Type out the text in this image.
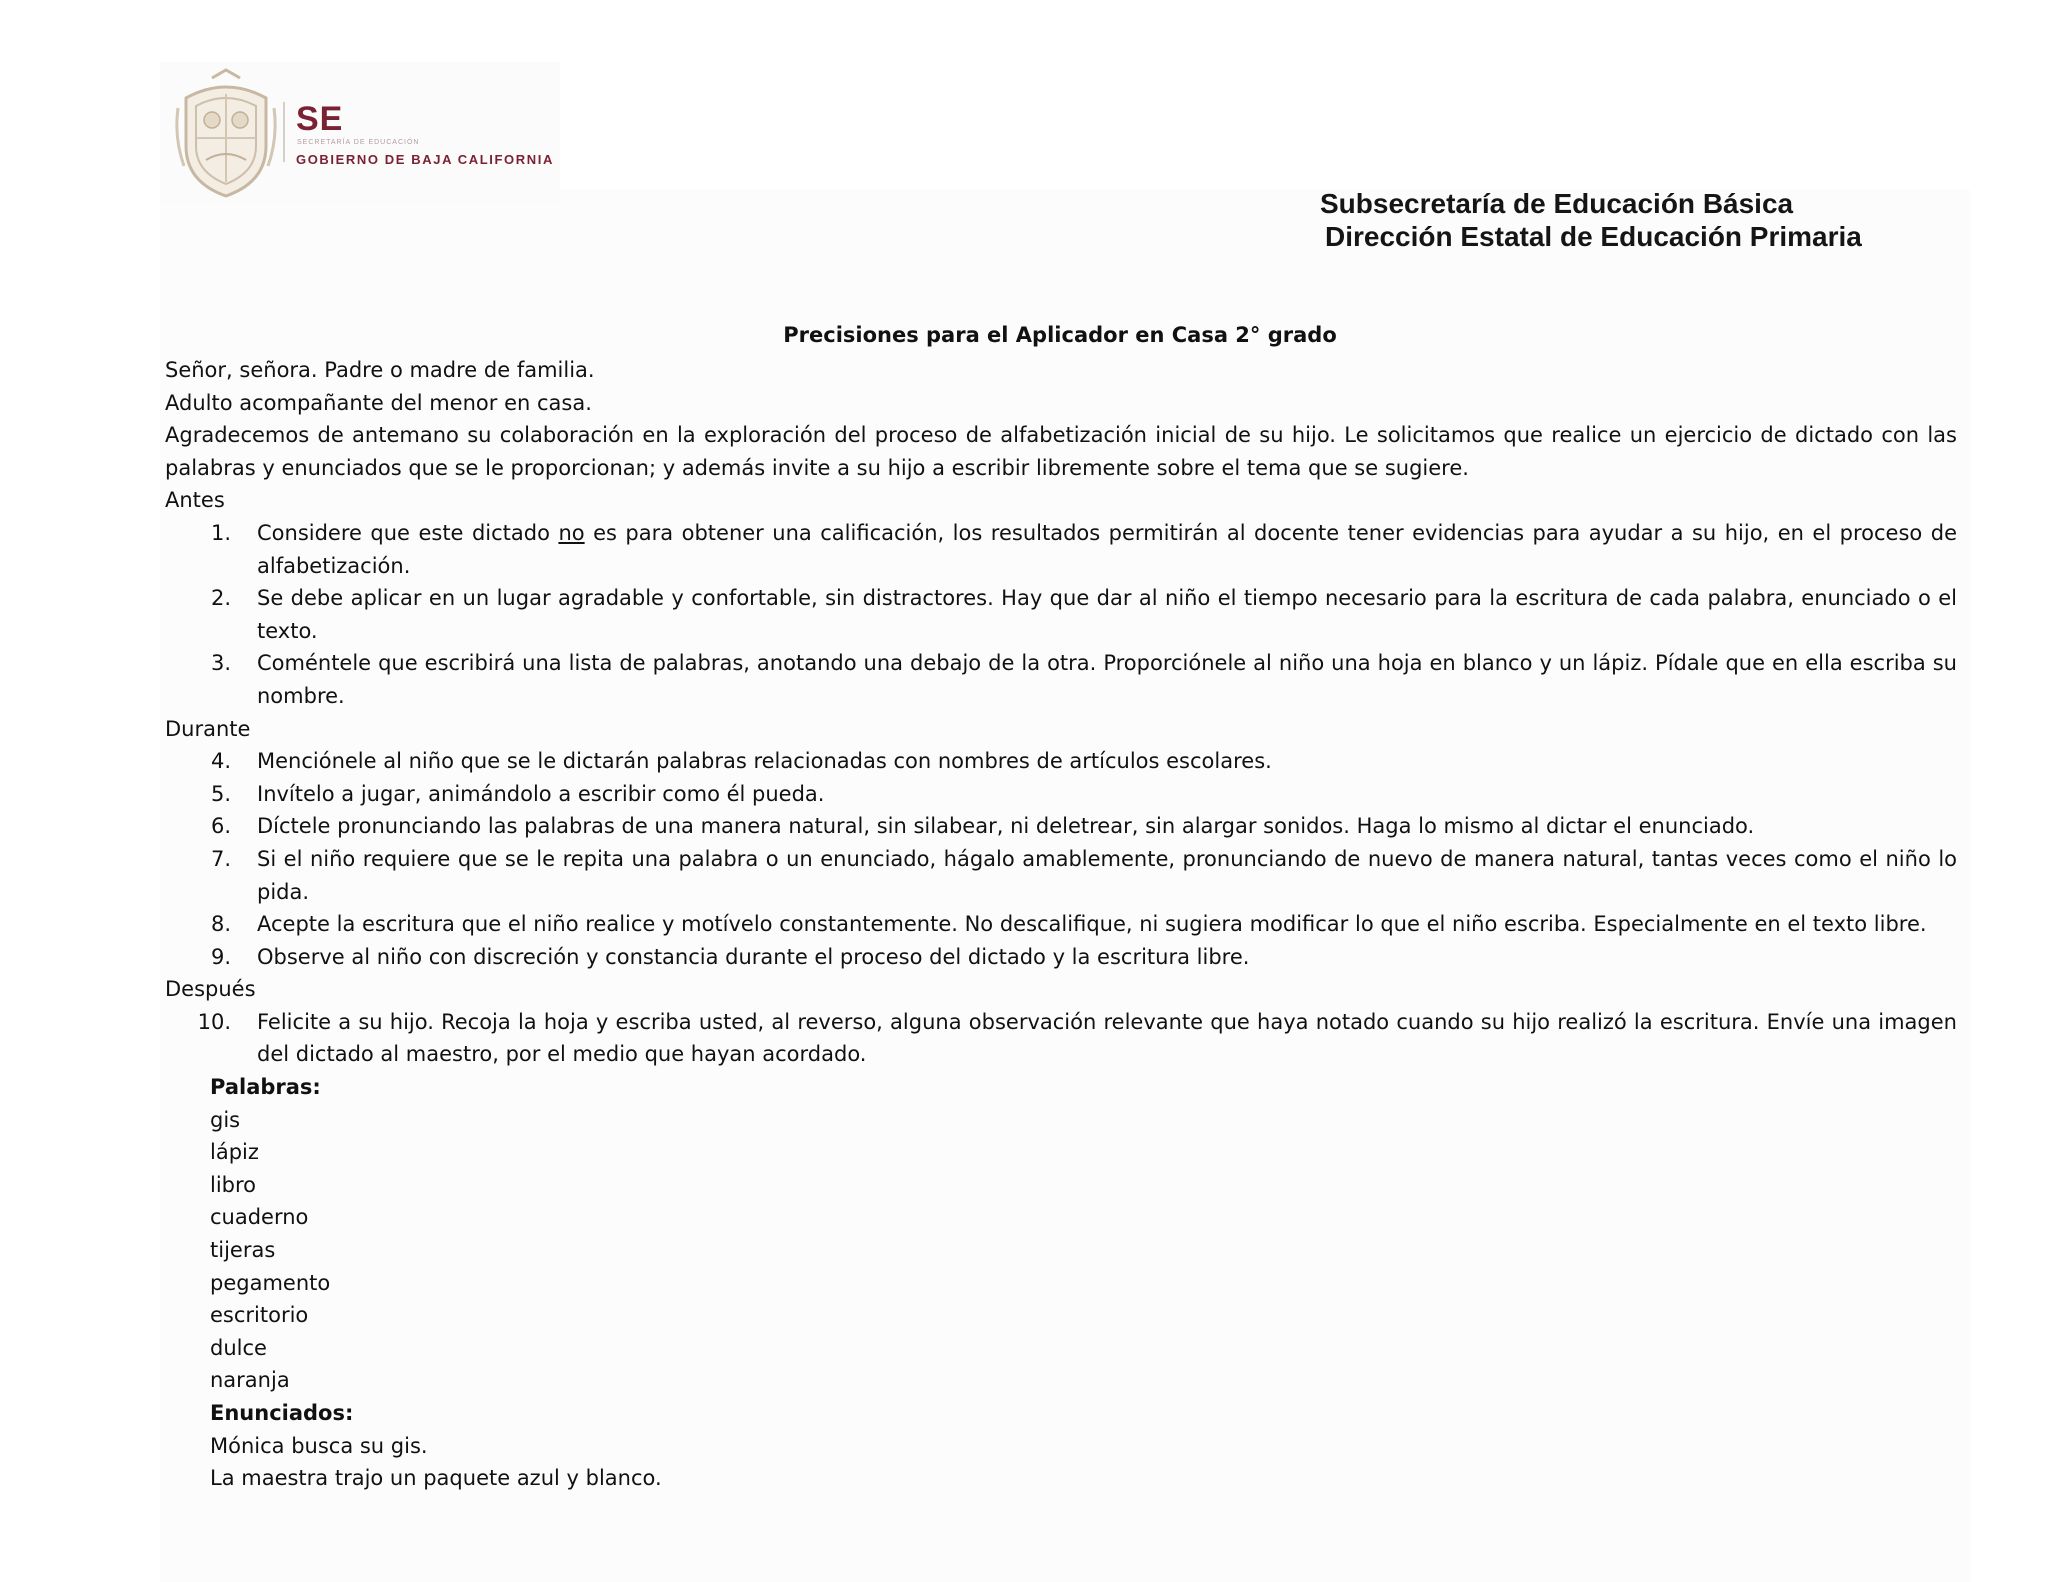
SE
SECRETARÍA DE EDUCACIÓN
GOBIERNO DE BAJA CALIFORNIA
Subsecretaría de Educación Básica
Dirección Estatal de Educación Primaria
Precisiones para el Aplicador en Casa 2° grado
Señor, señora. Padre o madre de familia.
Adulto acompañante del menor en casa.
Agradecemos de antemano su colaboración en la exploración del proceso de alfabetización inicial de su hijo. Le solicitamos que realice un ejercicio de dictado con las palabras y enunciados que se le proporcionan; y además invite a su hijo a escribir libremente sobre el tema que se sugiere.
Antes
1. Considere que este dictado no es para obtener una calificación, los resultados permitirán al docente tener evidencias para ayudar a su hijo, en el proceso de alfabetización.
2. Se debe aplicar en un lugar agradable y confortable, sin distractores. Hay que dar al niño el tiempo necesario para la escritura de cada palabra, enunciado o el texto.
3. Coméntele que escribirá una lista de palabras, anotando una debajo de la otra. Proporciónele al niño una hoja en blanco y un lápiz. Pídale que en ella escriba su nombre.
Durante
4. Menciónele al niño que se le dictarán palabras relacionadas con nombres de artículos escolares.
5. Invítelo a jugar, animándolo a escribir como él pueda.
6. Díctele pronunciando las palabras de una manera natural, sin silabear, ni deletrear, sin alargar sonidos. Haga lo mismo al dictar el enunciado.
7. Si el niño requiere que se le repita una palabra o un enunciado, hágalo amablemente, pronunciando de nuevo de manera natural, tantas veces como el niño lo pida.
8. Acepte la escritura que el niño realice y motívelo constantemente. No descalifique, ni sugiera modificar lo que el niño escriba. Especialmente en el texto libre.
9. Observe al niño con discreción y constancia durante el proceso del dictado y la escritura libre.
Después
10. Felicite a su hijo. Recoja la hoja y escriba usted, al reverso, alguna observación relevante que haya notado cuando su hijo realizó la escritura. Envíe una imagen del dictado al maestro, por el medio que hayan acordado.
Palabras:
gis
lápiz
libro
cuaderno
tijeras
pegamento
escritorio
dulce
naranja
Enunciados:
Mónica busca su gis.
La maestra trajo un paquete azul y blanco.
